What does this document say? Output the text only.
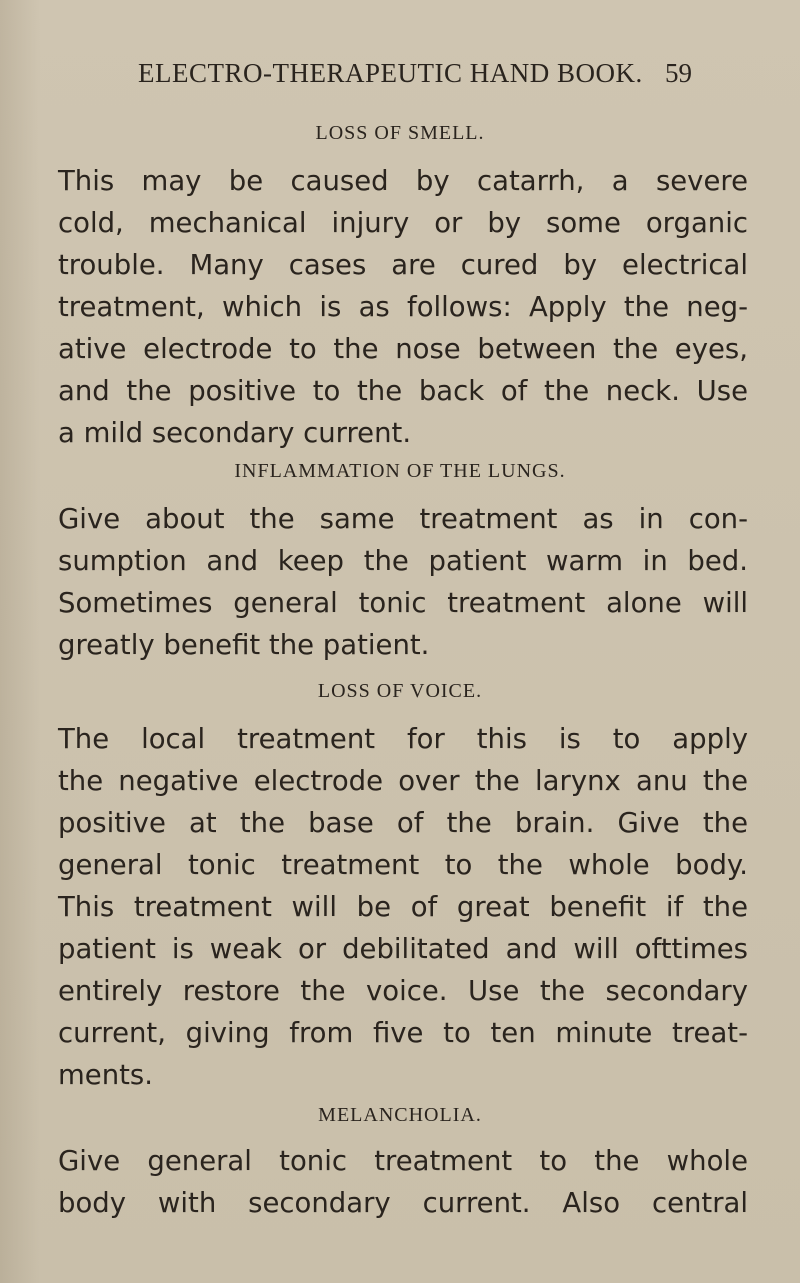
ELECTRO-THERAPEUTIC HAND BOOK. 59
LOSS OF SMELL.
This may be caused by catarrh, a severe
cold, mechanical injury or by some organic
trouble. Many cases are cured by electrical
treatment, which is as follows: Apply the neg-
ative electrode to the nose between the eyes,
and the positive to the back of the neck. Use
a mild secondary current.
INFLAMMATION OF THE LUNGS.
Give about the same treatment as in con-
sumption and keep the patient warm in bed.
Sometimes general tonic treatment alone will
greatly benefit the patient.
LOSS OF VOICE.
The local treatment for this is to apply
the negative electrode over the larynx anu the
positive at the base of the brain. Give the
general tonic treatment to the whole body.
This treatment will be of great benefit if the
patient is weak or debilitated and will ofttimes
entirely restore the voice. Use the secondary
current, giving from five to ten minute treat-
ments.
MELANCHOLIA.
Give general tonic treatment to the whole
body with secondary current. Also central
